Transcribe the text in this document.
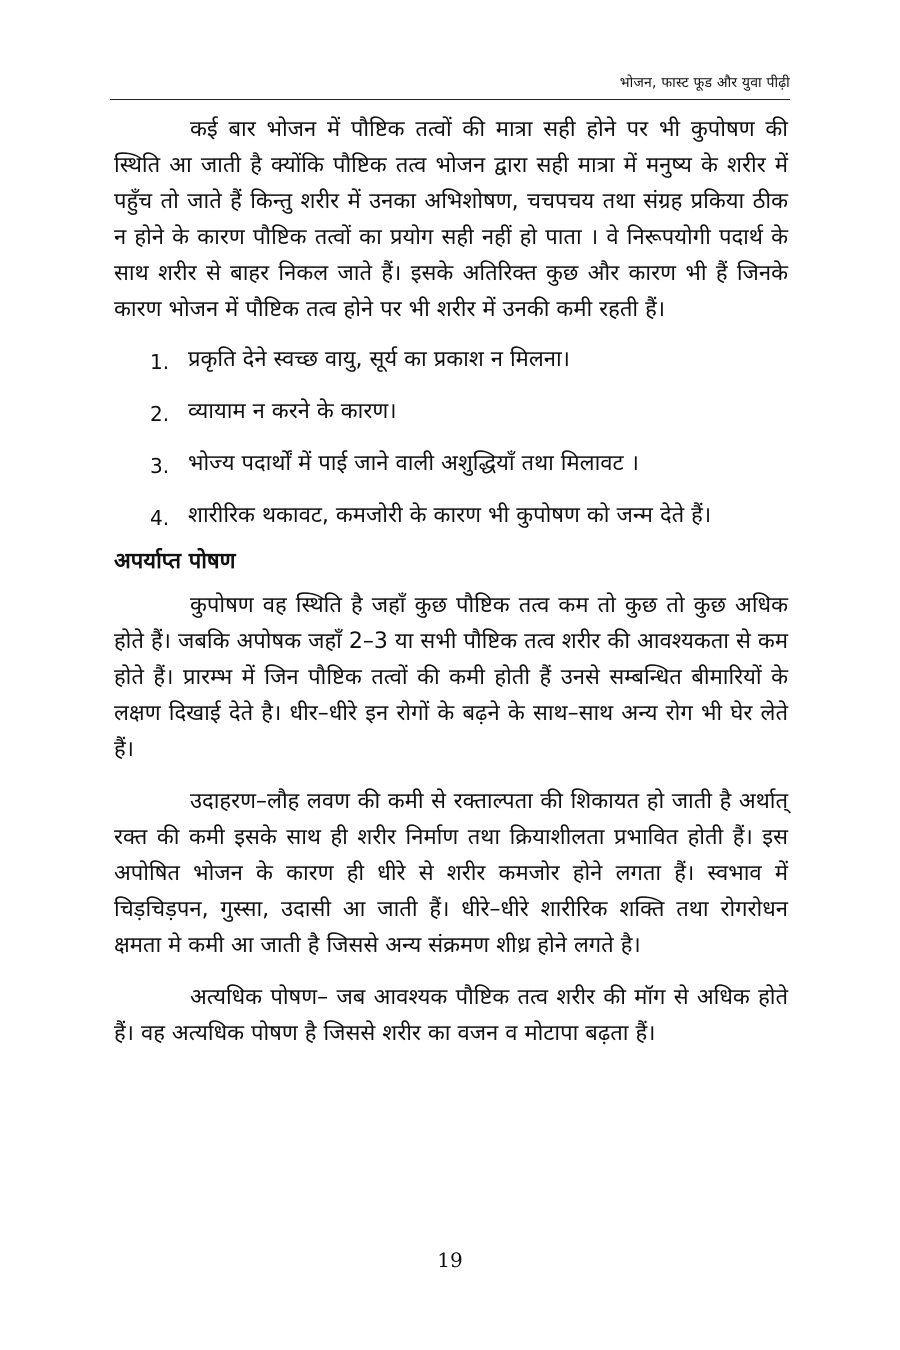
भोजन, फास्ट फूड और युवा पीढ़ी

कई बार भोजन में पौष्टिक तत्वों की मात्रा सही होने पर भी कुपोषण की स्थिति आ जाती है क्योंकि पौष्टिक तत्व भोजन द्वारा सही मात्रा में मनुष्य के शरीर में पहुँच तो जाते हैं किन्तु शरीर में उनका अभिशोषण, चचपचय तथा संग्रह प्रकिया ठीक न होने के कारण पौष्टिक तत्वों का प्रयोग सही नहीं हो पाता । वे निरूपयोगी पदार्थ के साथ शरीर से बाहर निकल जाते हैं। इसके अतिरिक्त कुछ और कारण भी हैं जिनके कारण भोजन में पौष्टिक तत्व होने पर भी शरीर में उनकी कमी रहती हैं।

1. प्रकृति देने स्वच्छ वायु, सूर्य का प्रकाश न मिलना।
2. व्यायाम न करने के कारण।
3. भोज्य पदार्थों में पाई जाने वाली अशुद्धियाँ तथा मिलावट ।
4. शारीरिक थकावट, कमजोरी के कारण भी कुपोषण को जन्म देते हैं।
अपर्याप्त पोषण

कुपोषण वह स्थिति है जहाँ कुछ पौष्टिक तत्व कम तो कुछ तो कुछ अधिक होते हैं। जबकि अपोषक जहाँ 2–3 या सभी पौष्टिक तत्व शरीर की आवश्यकता से कम होते हैं। प्रारम्भ में जिन पौष्टिक तत्वों की कमी होती हैं उनसे सम्बन्धित बीमारियों के लक्षण दिखाई देते है। धीर–धीरे इन रोगों के बढ़ने के साथ–साथ अन्य रोग भी घेर लेते हैं।

उदाहरण–लौह लवण की कमी से रक्ताल्पता की शिकायत हो जाती है अर्थात् रक्त की कमी इसके साथ ही शरीर निर्माण तथा क्रियाशीलता प्रभावित होती हैं। इस अपोषित भोजन के कारण ही धीरे से शरीर कमजोर होने लगता हैं। स्वभाव में चिड़चिड़पन, गुस्सा, उदासी आ जाती हैं। धीरे–धीरे शारीरिक शक्ति तथा रोगरोधन क्षमता मे कमी आ जाती है जिससे अन्य संक्रमण शीध्र होने लगते है।

अत्यधिक पोषण– जब आवश्यक पौष्टिक तत्व शरीर की मॉग से अधिक होते हैं। वह अत्यधिक पोषण है जिससे शरीर का वजन व मोटापा बढ़ता हैं।

19
